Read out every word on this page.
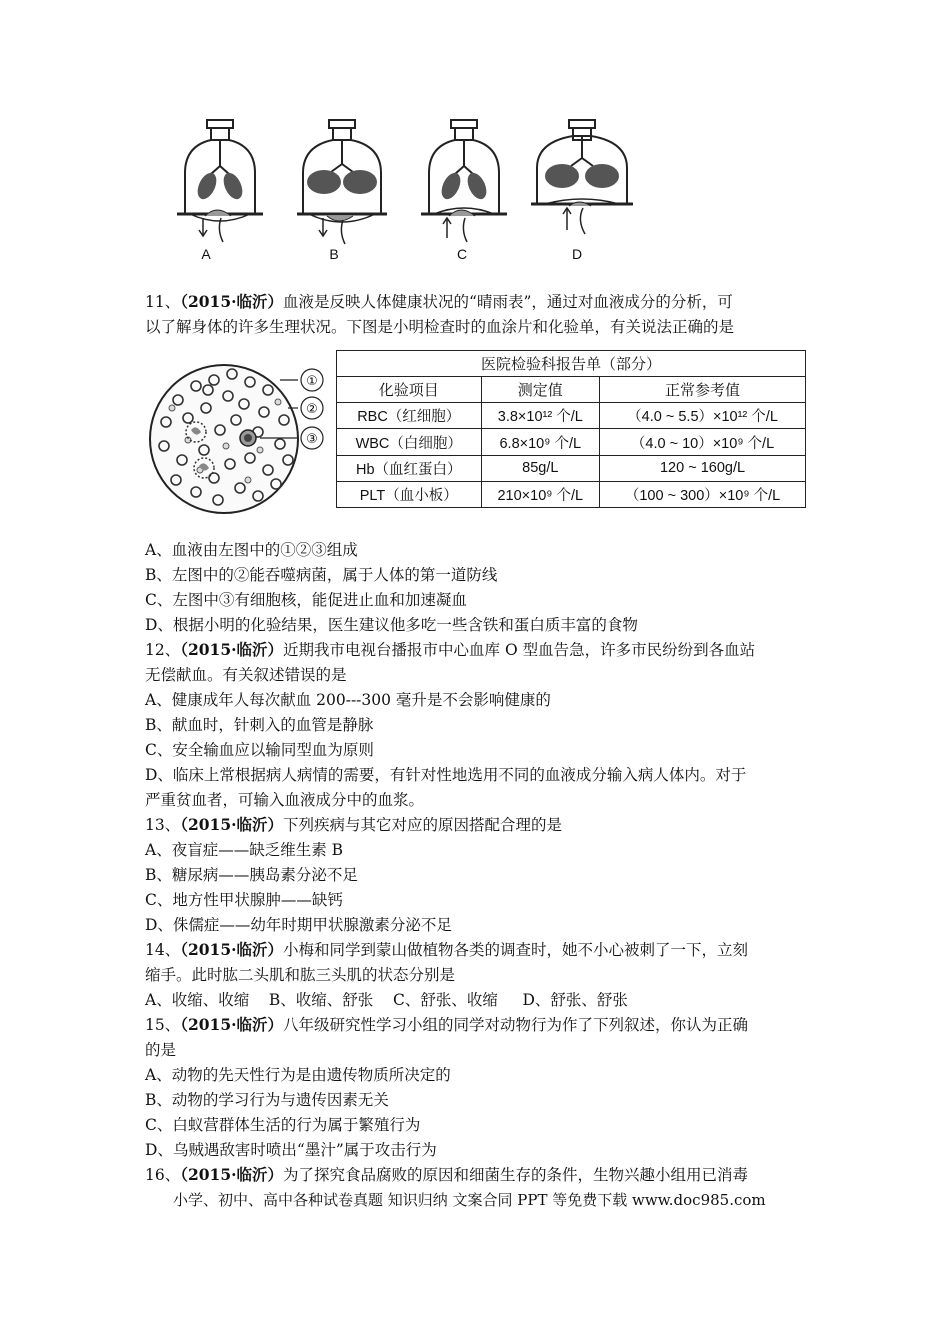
A	B	C	D
11、（2015·临沂）血液是反映人体健康状况的“晴雨表”，通过对血液成分的分析，可
以了解身体的许多生理状况。下图是小明检查时的血涂片和化验单，有关说法正确的是
①
②
③
医院检验科报告单（部分）		
化验项目	测定值	正常参考值
RBC（红细胞）	3.8×10¹² 个/L	（4.0 ~ 5.5）×10¹² 个/L
WBC（白细胞）	6.8×10⁹ 个/L	（4.0 ~ 10）×10⁹ 个/L
Hb（血红蛋白）	85g/L	120 ~ 160g/L
PLT（血小板）	210×10⁹ 个/L	（100 ~ 300）×10⁹ 个/L
A、血液由左图中的①②③组成
B、左图中的②能吞噬病菌，属于人体的第一道防线
C、左图中③有细胞核，能促进止血和加速凝血
D、根据小明的化验结果，医生建议他多吃一些含铁和蛋白质丰富的食物
12、（2015·临沂）近期我市电视台播报市中心血库 O 型血告急，许多市民纷纷到各血站
无偿献血。有关叙述错误的是
A、健康成年人每次献血 200---300 毫升是不会影响健康的
B、献血时，针刺入的血管是静脉
C、安全输血应以输同型血为原则
D、临床上常根据病人病情的需要，有针对性地选用不同的血液成分输入病人体内。对于
严重贫血者，可输入血液成分中的血浆。
13、（2015·临沂）下列疾病与其它对应的原因搭配合理的是
A、夜盲症——缺乏维生素 B
B、糖尿病——胰岛素分泌不足
C、地方性甲状腺肿——缺钙
D、侏儒症——幼年时期甲状腺激素分泌不足
14、（2015·临沂）小梅和同学到蒙山做植物各类的调查时，她不小心被刺了一下，立刻
缩手。此时肱二头肌和肱三头肌的状态分别是
A、收缩、收缩    B、收缩、舒张    C、舒张、收缩     D、舒张、舒张
15、（2015·临沂）八年级研究性学习小组的同学对动物行为作了下列叙述，你认为正确
的是
A、动物的先天性行为是由遗传物质所决定的
B、动物的学习行为与遗传因素无关
C、白蚁营群体生活的行为属于繁殖行为
D、乌贼遇敌害时喷出“墨汁”属于攻击行为
16、（2015·临沂）为了探究食品腐败的原因和细菌生存的条件，生物兴趣小组用已消毒
小学、初中、高中各种试卷真题 知识归纳 文案合同 PPT 等免费下载 www.doc985.com
